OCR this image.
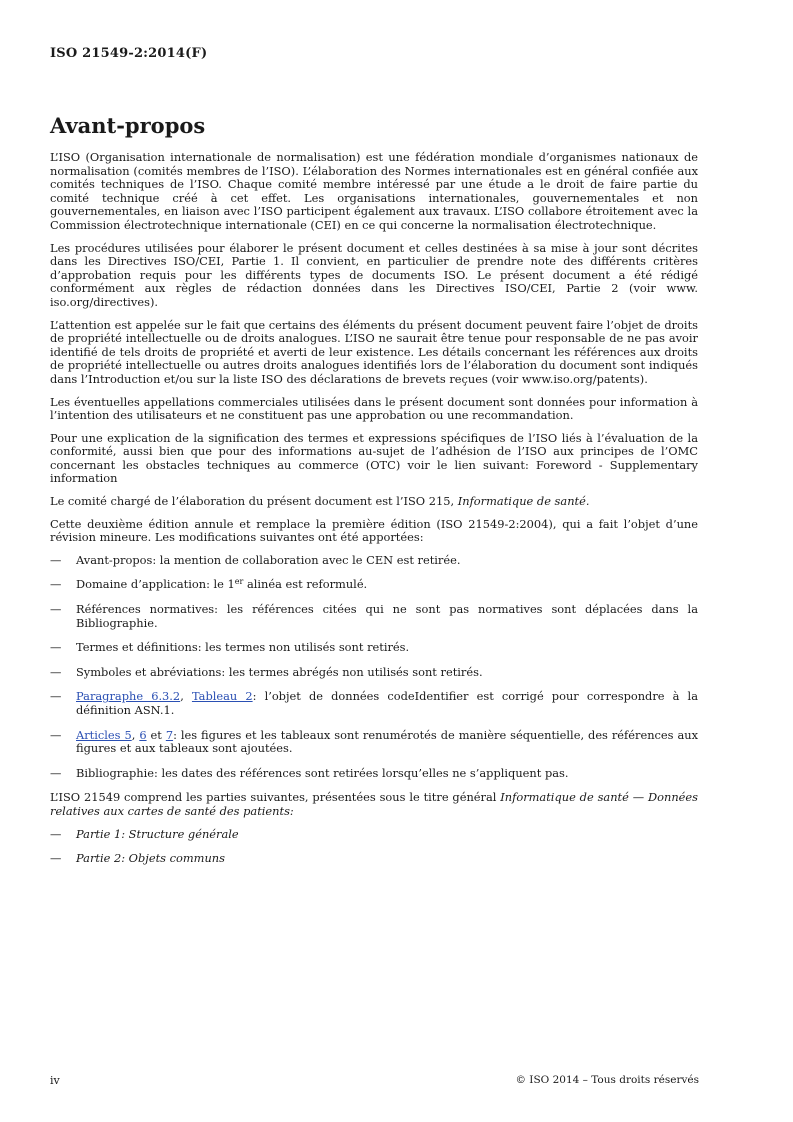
ISO 21549-2:2014(F)
Avant-propos

L’ISO (Organisation internationale de normalisation) est une fédération mondiale d’organismes nationaux de normalisation (comités membres de l’ISO). L’élaboration des Normes internationales est en général confiée aux comités techniques de l’ISO. Chaque comité membre intéressé par une étude a le droit de faire partie du comité technique créé à cet effet. Les organisations internationales, gouvernementales et non gouvernementales, en liaison avec l’ISO participent également aux travaux. L’ISO collabore étroitement avec la Commission électrotechnique internationale (CEI) en ce qui concerne la normalisation électrotechnique.

Les procédures utilisées pour élaborer le présent document et celles destinées à sa mise à jour sont décrites dans les Directives ISO/CEI, Partie 1. Il convient, en particulier de prendre note des différents critères d’approbation requis pour les différents types de documents ISO. Le présent document a été rédigé conformément aux règles de rédaction données dans les Directives ISO/CEI, Partie 2 (voir www. iso.org/directives).

L’attention est appelée sur le fait que certains des éléments du présent document peuvent faire l’objet de droits de propriété intellectuelle ou de droits analogues. L’ISO ne saurait être tenue pour responsable de ne pas avoir identifié de tels droits de propriété et averti de leur existence. Les détails concernant les références aux droits de propriété intellectuelle ou autres droits analogues identifiés lors de l’élaboration du document sont indiqués dans l’Introduction et/ou sur la liste ISO des déclarations de brevets reçues (voir www.iso.org/patents).

Les éventuelles appellations commerciales utilisées dans le présent document sont données pour information à l’intention des utilisateurs et ne constituent pas une approbation ou une recommandation.

Pour une explication de la signification des termes et expressions spécifiques de l’ISO liés à l’évaluation de la conformité, aussi bien que pour des informations au-sujet de l’adhésion de l’ISO aux principes de l’OMC concernant les obstacles techniques au commerce (OTC) voir le lien suivant: Foreword - Supplementary information

Le comité chargé de l’élaboration du présent document est l’ISO 215, Informatique de santé.

Cette deuxième édition annule et remplace la première édition (ISO 21549-2:2004), qui a fait l’objet d’une révision mineure. Les modifications suivantes ont été apportées:

—	Avant-propos: la mention de collaboration avec le CEN est retirée.
—	Domaine d’application: le 1er alinéa est reformulé.
—	Références normatives: les références citées qui ne sont pas normatives sont déplacées dans la Bibliographie.
—	Termes et définitions: les termes non utilisés sont retirés.
—	Symboles et abréviations: les termes abrégés non utilisés sont retirés.
—	Paragraphe 6.3.2, Tableau 2: l’objet de données codeIdentifier est corrigé pour correspondre à la définition ASN.1.
—	Articles 5, 6 et 7: les figures et les tableaux sont renumérotés de manière séquentielle, des références aux figures et aux tableaux sont ajoutées.
—	Bibliographie: les dates des références sont retirées lorsqu’elles ne s’appliquent pas.

L’ISO 21549 comprend les parties suivantes, présentées sous le titre général Informatique de santé — Données relatives aux cartes de santé des patients:

—	Partie 1: Structure générale
—	Partie 2: Objets communs
iv	© ISO 2014 – Tous droits réservés
